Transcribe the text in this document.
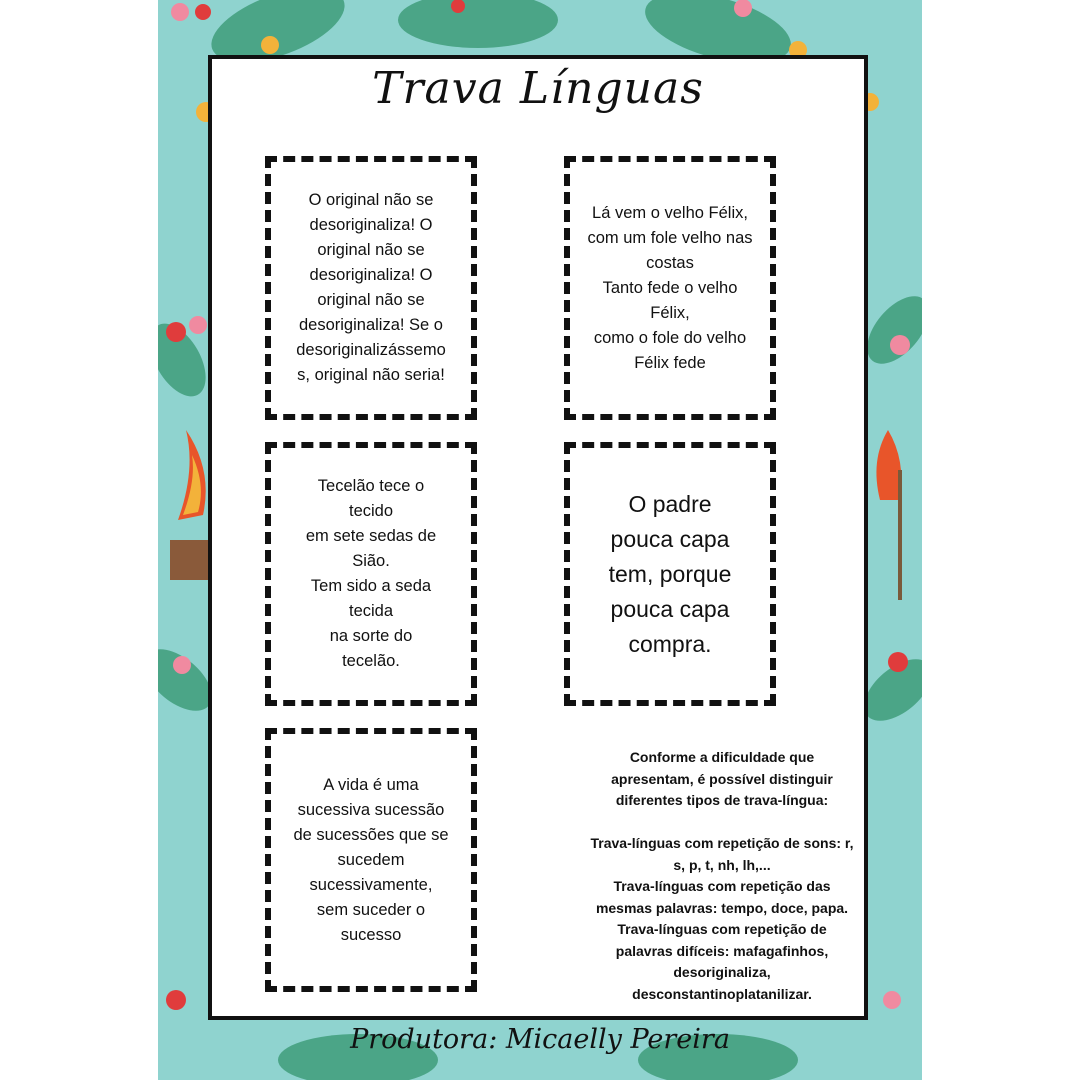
Trava Línguas
O original não se
desoriginaliza! O
original não se
desoriginaliza! O
original não se
desoriginaliza! Se o
desoriginalizássemo
s, original não seria!
Lá vem o velho Félix,
com um fole velho nas
costas
Tanto fede o velho
Félix,
como o fole do velho
Félix fede
Tecelão tece o
tecido
em sete sedas de
Sião.
Tem sido a seda
tecida
na sorte do
tecelão.
O padre
pouca capa
tem, porque
pouca capa
compra.
A vida é uma
sucessiva sucessão
de sucessões que se
sucedem
sucessivamente,
sem suceder o
sucesso
Conforme a dificuldade que
apresentam, é possível distinguir
diferentes tipos de trava-língua:

Trava-línguas com repetição de sons: r,
s, p, t, nh, lh,...
Trava-línguas com repetição das
mesmas palavras: tempo, doce, papa.
Trava-línguas com repetição de
palavras difíceis: mafagafinhos,
desoriginaliza,
desconstantinoplatanilizar.
Produtora: Micaelly Pereira
